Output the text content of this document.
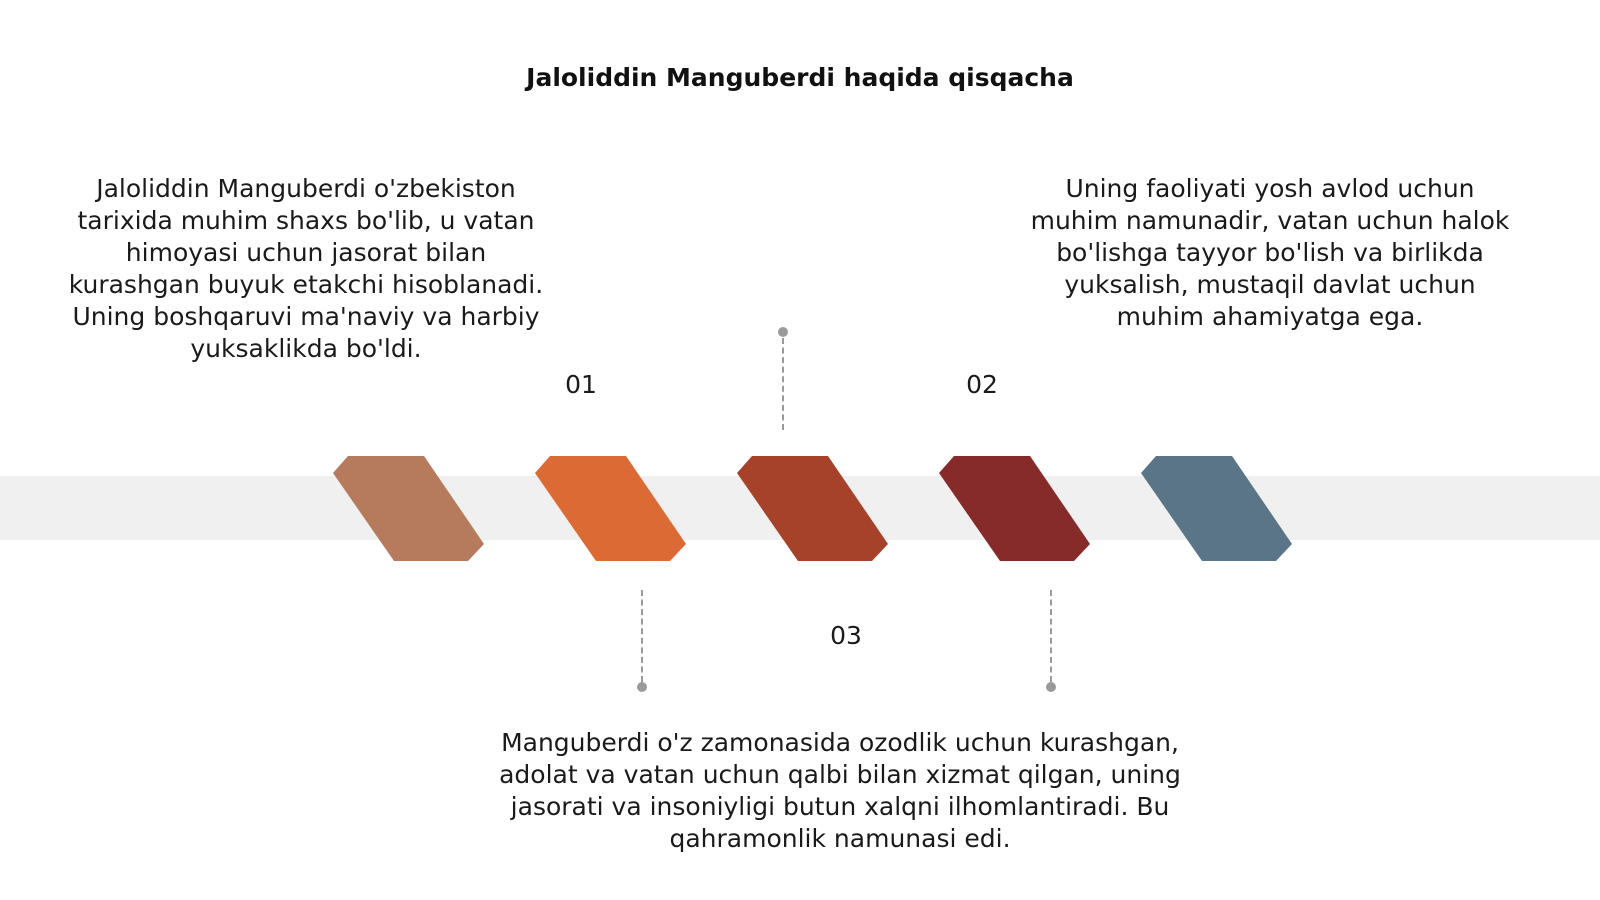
Jaloliddin Manguberdi haqida qisqacha
01	02
03
Jaloliddin Manguberdi o'zbekiston tarixida muhim shaxs bo'lib, u vatan himoyasi uchun jasorat bilan kurashgan buyuk etakchi hisoblanadi. Uning boshqaruvi ma'naviy va harbiy yuksaklikda bo'ldi.
Uning faoliyati yosh avlod uchun muhim namunadir, vatan uchun halok bo'lishga tayyor bo'lish va birlikda yuksalish, mustaqil davlat uchun muhim ahamiyatga ega.
Manguberdi o'z zamonasida ozodlik uchun kurashgan, adolat va vatan uchun qalbi bilan xizmat qilgan, uning jasorati va insoniyligi butun xalqni ilhomlantiradi. Bu qahramonlik namunasi edi.
